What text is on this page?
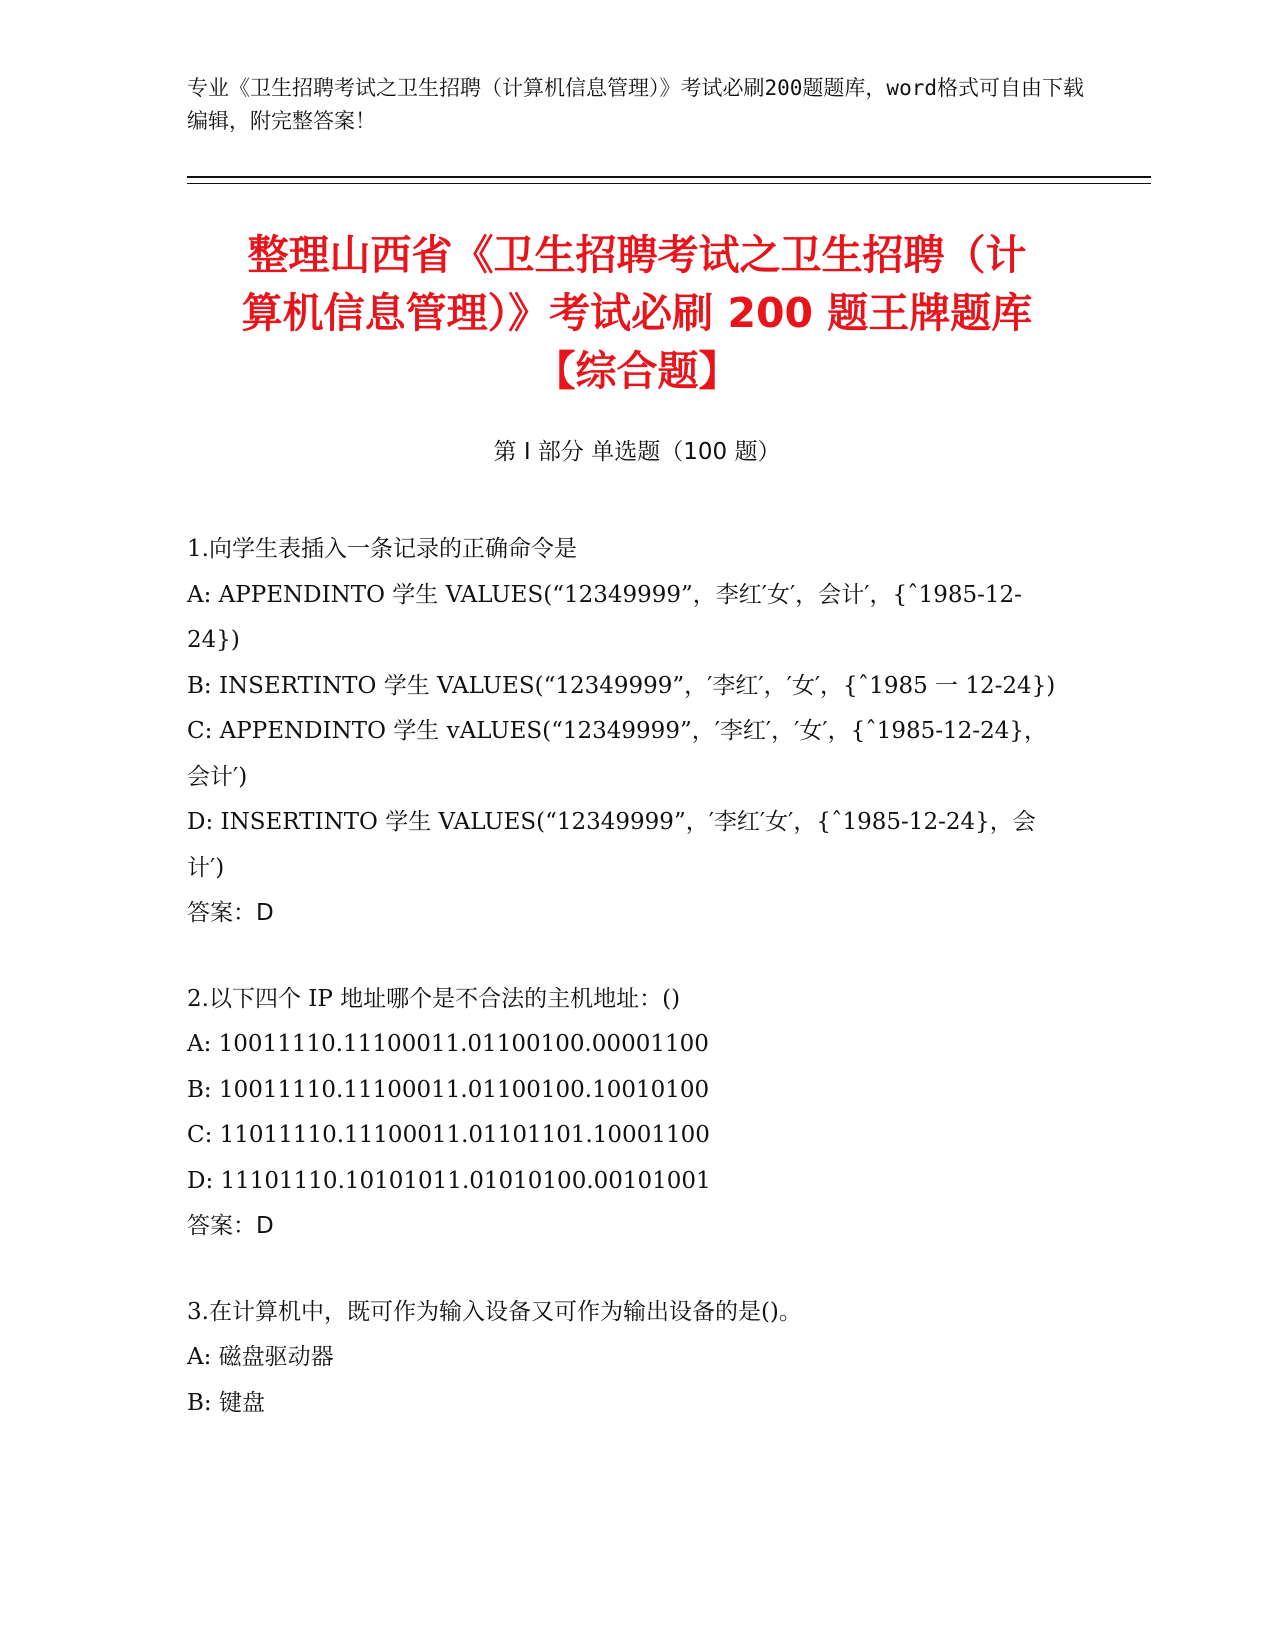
专业《卫生招聘考试之卫生招聘（计算机信息管理）》考试必刷200题题库，word格式可自由下载编辑，附完整答案！
整理山西省《卫生招聘考试之卫生招聘（计
算机信息管理）》考试必刷 200 题王牌题库
【综合题】
第 I 部分 单选题（100 题）
1.向学生表插入一条记录的正确命令是
A: APPENDINTO 学生 VALUES(“12349999”，李红′女′，会计′，{ˆ1985-12-24})
B: INSERTINTO 学生 VALUES(“12349999”，′李红′，′女′，{ˆ1985 一 12-24})
C: APPENDINTO 学生 vALUES(“12349999”，′李红′，′女′，{ˆ1985-12-24}，会计′)
D: INSERTINTO 学生 VALUES(“12349999”，′李红′女′，{ˆ1985-12-24}，会计′)
答案：D
2.以下四个 IP 地址哪个是不合法的主机地址：()
A: 10011110.11100011.01100100.00001100
B: 10011110.11100011.01100100.10010100
C: 11011110.11100011.01101101.10001100
D: 11101110.10101011.01010100.00101001
答案：D
3.在计算机中，既可作为输入设备又可作为输出设备的是()。
A: 磁盘驱动器
B: 键盘
